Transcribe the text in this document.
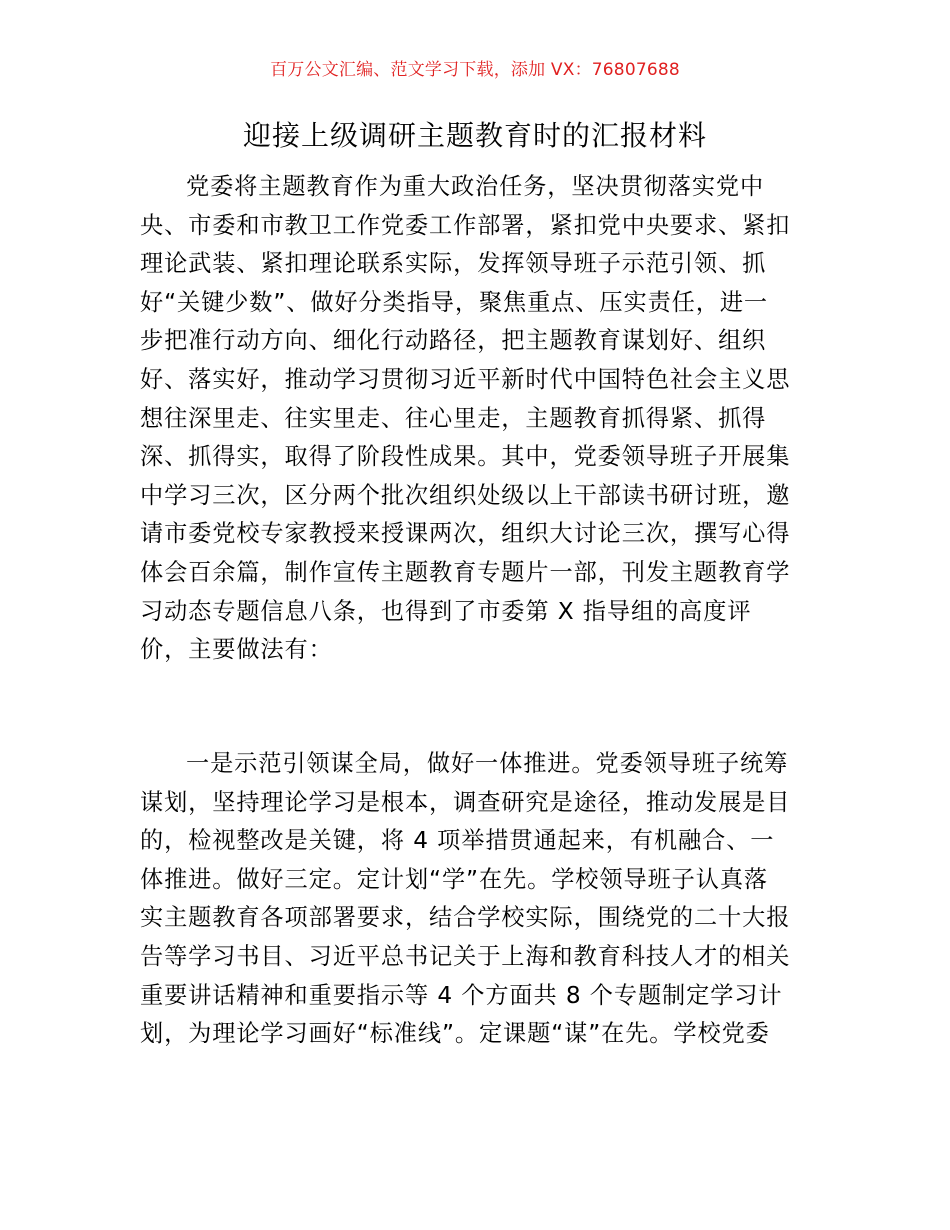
百万公文汇编、范文学习下载，添加 VX：76807688
迎接上级调研主题教育时的汇报材料

党委将主题教育作为重大政治任务，坚决贯彻落实党中
央、市委和市教卫工作党委工作部署，紧扣党中央要求、紧扣
理论武装、紧扣理论联系实际，发挥领导班子示范引领、抓
好“关键少数”、做好分类指导，聚焦重点、压实责任，进一
步把准行动方向、细化行动路径，把主题教育谋划好、组织
好、落实好，推动学习贯彻习近平新时代中国特色社会主义思
想往深里走、往实里走、往心里走，主题教育抓得紧、抓得
深、抓得实，取得了阶段性成果。其中，党委领导班子开展集
中学习三次，区分两个批次组织处级以上干部读书研讨班，邀
请市委党校专家教授来授课两次，组织大讨论三次，撰写心得
体会百余篇，制作宣传主题教育专题片一部，刊发主题教育学
习动态专题信息八条，也得到了市委第 X 指导组的高度评
价，主要做法有：

一是示范引领谋全局，做好一体推进。党委领导班子统筹
谋划，坚持理论学习是根本，调查研究是途径，推动发展是目
的，检视整改是关键，将 4 项举措贯通起来，有机融合、一
体推进。做好三定。定计划“学”在先。学校领导班子认真落
实主题教育各项部署要求，结合学校实际，围绕党的二十大报
告等学习书目、习近平总书记关于上海和教育科技人才的相关
重要讲话精神和重要指示等 4 个方面共 8 个专题制定学习计
划，为理论学习画好“标准线”。定课题“谋”在先。学校党委
